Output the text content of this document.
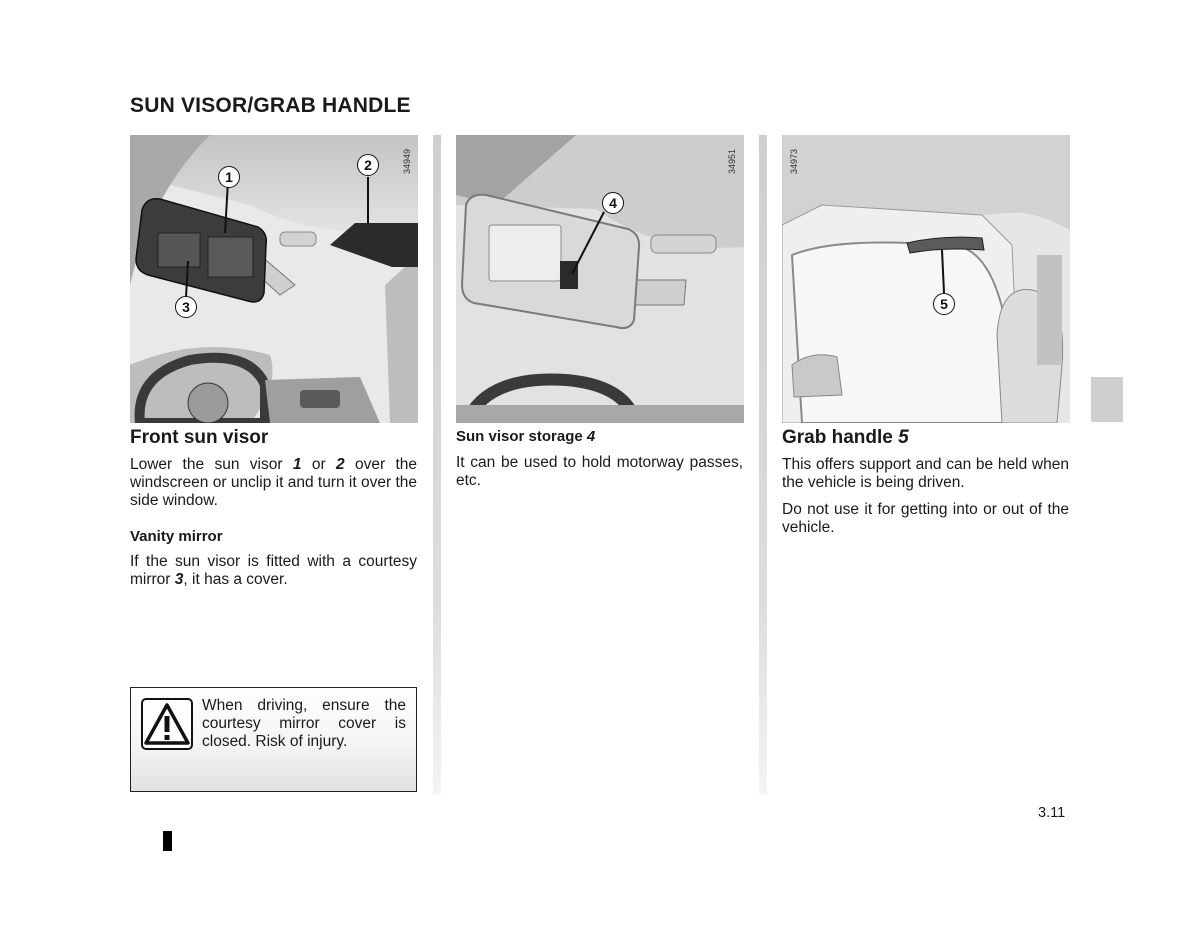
SUN VISOR/GRAB HANDLE
1
2
3
34949
4
34951
5
34973
Front sun visor

Lower the sun visor 1 or 2 over the windscreen or unclip it and turn it over the side window.

Vanity mirror

If the sun visor is fitted with a courtesy mirror 3, it has a cover.

When driving, ensure the courtesy mirror cover is closed. Risk of injury.

Sun visor storage 4

It can be used to hold motorway passes, etc.

Grab handle 5

This offers support and can be held when the vehicle is being driven.

Do not use it for getting into or out of the vehicle.

3.11
